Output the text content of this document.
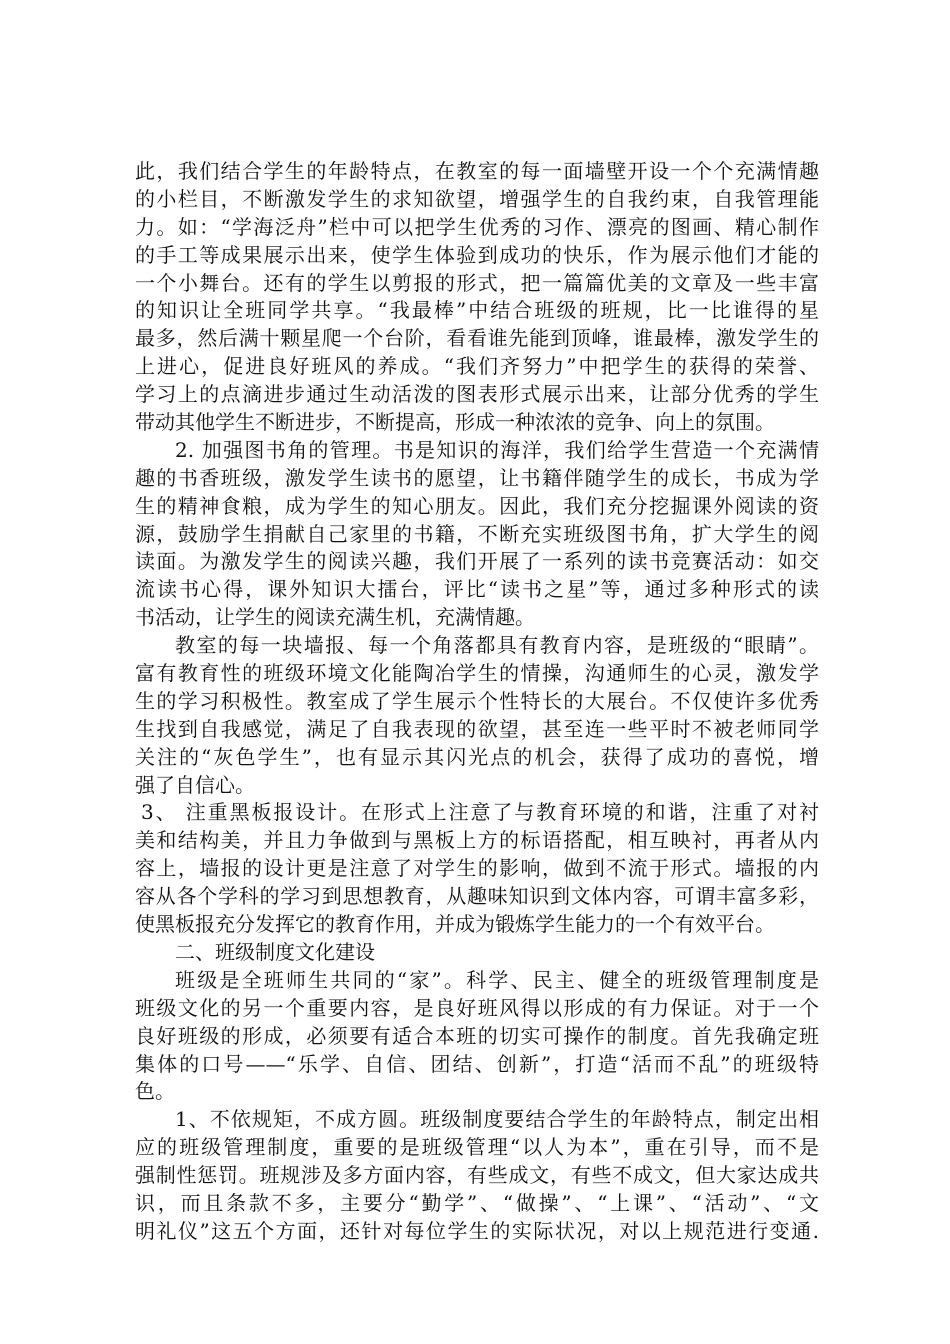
此，我们结合学生的年龄特点，在教室的每一面墙壁开设一个个充满情趣
的小栏目，不断激发学生的求知欲望，增强学生的自我约束，自我管理能
力。如：“学海泛舟”栏中可以把学生优秀的习作、漂亮的图画、精心制作
的手工等成果展示出来，使学生体验到成功的快乐，作为展示他们才能的
一个小舞台。还有的学生以剪报的形式，把一篇篇优美的文章及一些丰富
的知识让全班同学共享。“我最棒”中结合班级的班规，比一比谁得的星
最多，然后满十颗星爬一个台阶，看看谁先能到顶峰，谁最棒，激发学生的
上进心，促进良好班风的养成。“我们齐努力”中把学生的获得的荣誉、
学习上的点滴进步通过生动活泼的图表形式展示出来，让部分优秀的学生
带动其他学生不断进步，不断提高，形成一种浓浓的竞争、向上的氛围。
2. 加强图书角的管理。书是知识的海洋，我们给学生营造一个充满情
趣的书香班级，激发学生读书的愿望，让书籍伴随学生的成长，书成为学
生的精神食粮，成为学生的知心朋友。因此，我们充分挖掘课外阅读的资
源，鼓励学生捐献自己家里的书籍，不断充实班级图书角，扩大学生的阅
读面。为激发学生的阅读兴趣，我们开展了一系列的读书竞赛活动：如交
流读书心得，课外知识大擂台，评比“读书之星”等，通过多种形式的读
书活动，让学生的阅读充满生机，充满情趣。
教室的每一块墙报、每一个角落都具有教育内容，是班级的“眼睛”。
富有教育性的班级环境文化能陶冶学生的情操，沟通师生的心灵，激发学
生的学习积极性。教室成了学生展示个性特长的大展台。不仅使许多优秀
生找到自我感觉，满足了自我表现的欲望，甚至连一些平时不被老师同学
关注的“灰色学生”，也有显示其闪光点的机会，获得了成功的喜悦，增
强了自信心。
3、 注重黑板报设计。在形式上注意了与教育环境的和谐，注重了对衬
美和结构美，并且力争做到与黑板上方的标语搭配，相互映衬，再者从内
容上，墙报的设计更是注意了对学生的影响，做到不流于形式。墙报的内
容从各个学科的学习到思想教育，从趣味知识到文体内容，可谓丰富多彩，
使黑板报充分发挥它的教育作用，并成为锻炼学生能力的一个有效平台。
二、班级制度文化建设
班级是全班师生共同的“家”。科学、民主、健全的班级管理制度是
班级文化的另一个重要内容，是良好班风得以形成的有力保证。对于一个
良好班级的形成，必须要有适合本班的切实可操作的制度。首先我确定班
集体的口号——“乐学、自信、团结、创新”，打造“活而不乱”的班级特
色。
1、不依规矩，不成方圆。班级制度要结合学生的年龄特点，制定出相
应的班级管理制度，重要的是班级管理“以人为本”，重在引导，而不是
强制性惩罚。班规涉及多方面内容，有些成文，有些不成文，但大家达成共
识，而且条款不多，主要分“勤学”、“做操”、“上课”、“活动”、“文
明礼仪”这五个方面，还针对每位学生的实际状况，对以上规范进行变通.
